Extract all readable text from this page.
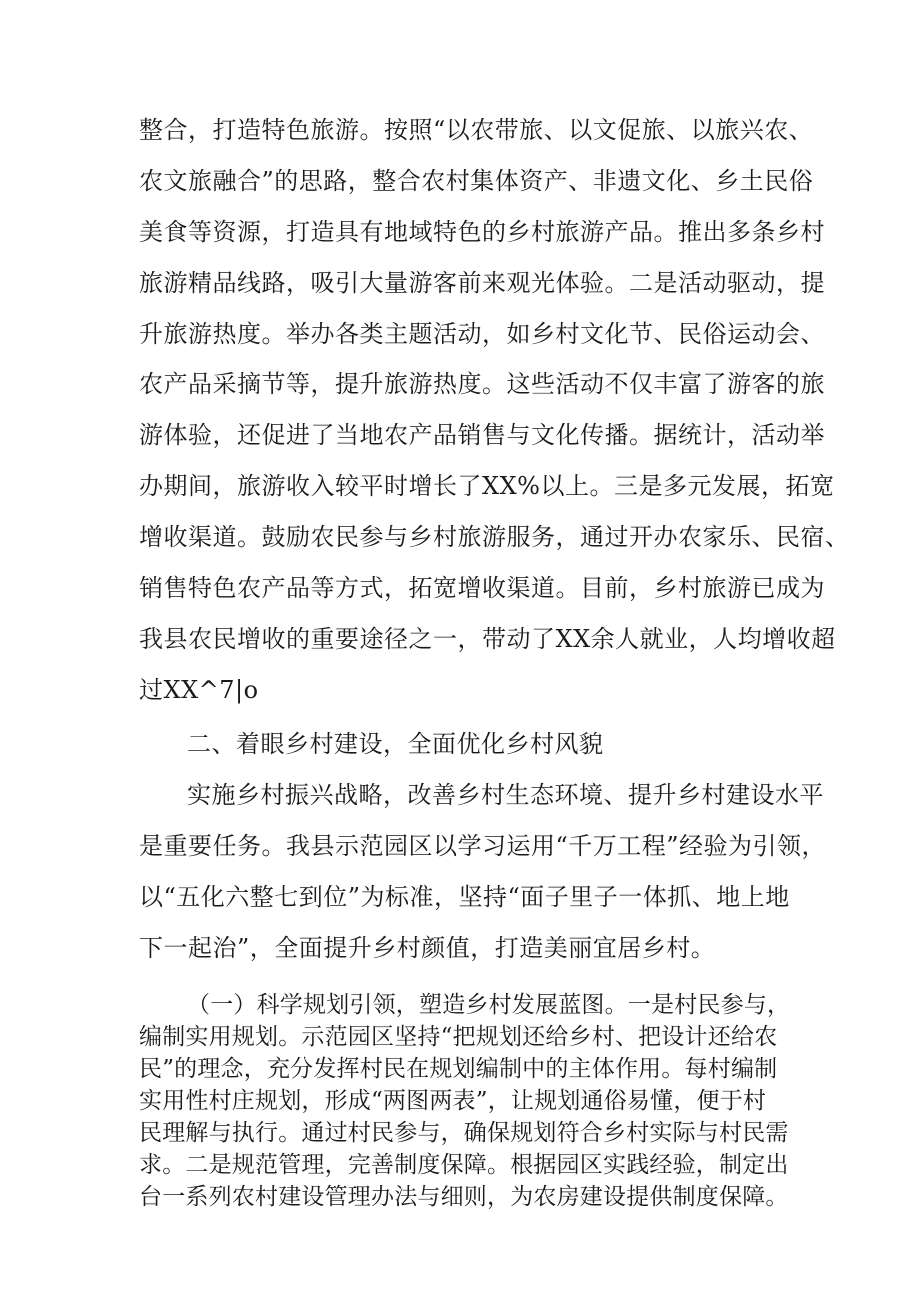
整合，打造特色旅游。按照“以农带旅、以文促旅、以旅兴农、
农文旅融合”的思路，整合农村集体资产、非遗文化、乡土民俗
美食等资源，打造具有地域特色的乡村旅游产品。推出多条乡村
旅游精品线路，吸引大量游客前来观光体验。二是活动驱动，提
升旅游热度。举办各类主题活动，如乡村文化节、民俗运动会、
农产品采摘节等，提升旅游热度。这些活动不仅丰富了游客的旅
游体验，还促进了当地农产品销售与文化传播。据统计，活动举
办期间，旅游收入较平时增长了XX%以上。三是多元发展，拓宽
增收渠道。鼓励农民参与乡村旅游服务，通过开办农家乐、民宿、
销售特色农产品等方式，拓宽增收渠道。目前，乡村旅游已成为
我县农民增收的重要途径之一，带动了XX余人就业，人均增收超
过XX^7|o
二、着眼乡村建设，全面优化乡村风貌
实施乡村振兴战略，改善乡村生态环境、提升乡村建设水平
是重要任务。我县示范园区以学习运用“千万工程”经验为引领，
以“五化六整七到位”为标准，坚持“面子里子一体抓、地上地
下一起治”，全面提升乡村颜值，打造美丽宜居乡村。
（一）科学规划引领，塑造乡村发展蓝图。一是村民参与，
编制实用规划。示范园区坚持“把规划还给乡村、把设计还给农
民”的理念，充分发挥村民在规划编制中的主体作用。每村编制
实用性村庄规划，形成“两图两表”，让规划通俗易懂，便于村
民理解与执行。通过村民参与，确保规划符合乡村实际与村民需
求。二是规范管理，完善制度保障。根据园区实践经验，制定出
台一系列农村建设管理办法与细则，为农房建设提供制度保障。
